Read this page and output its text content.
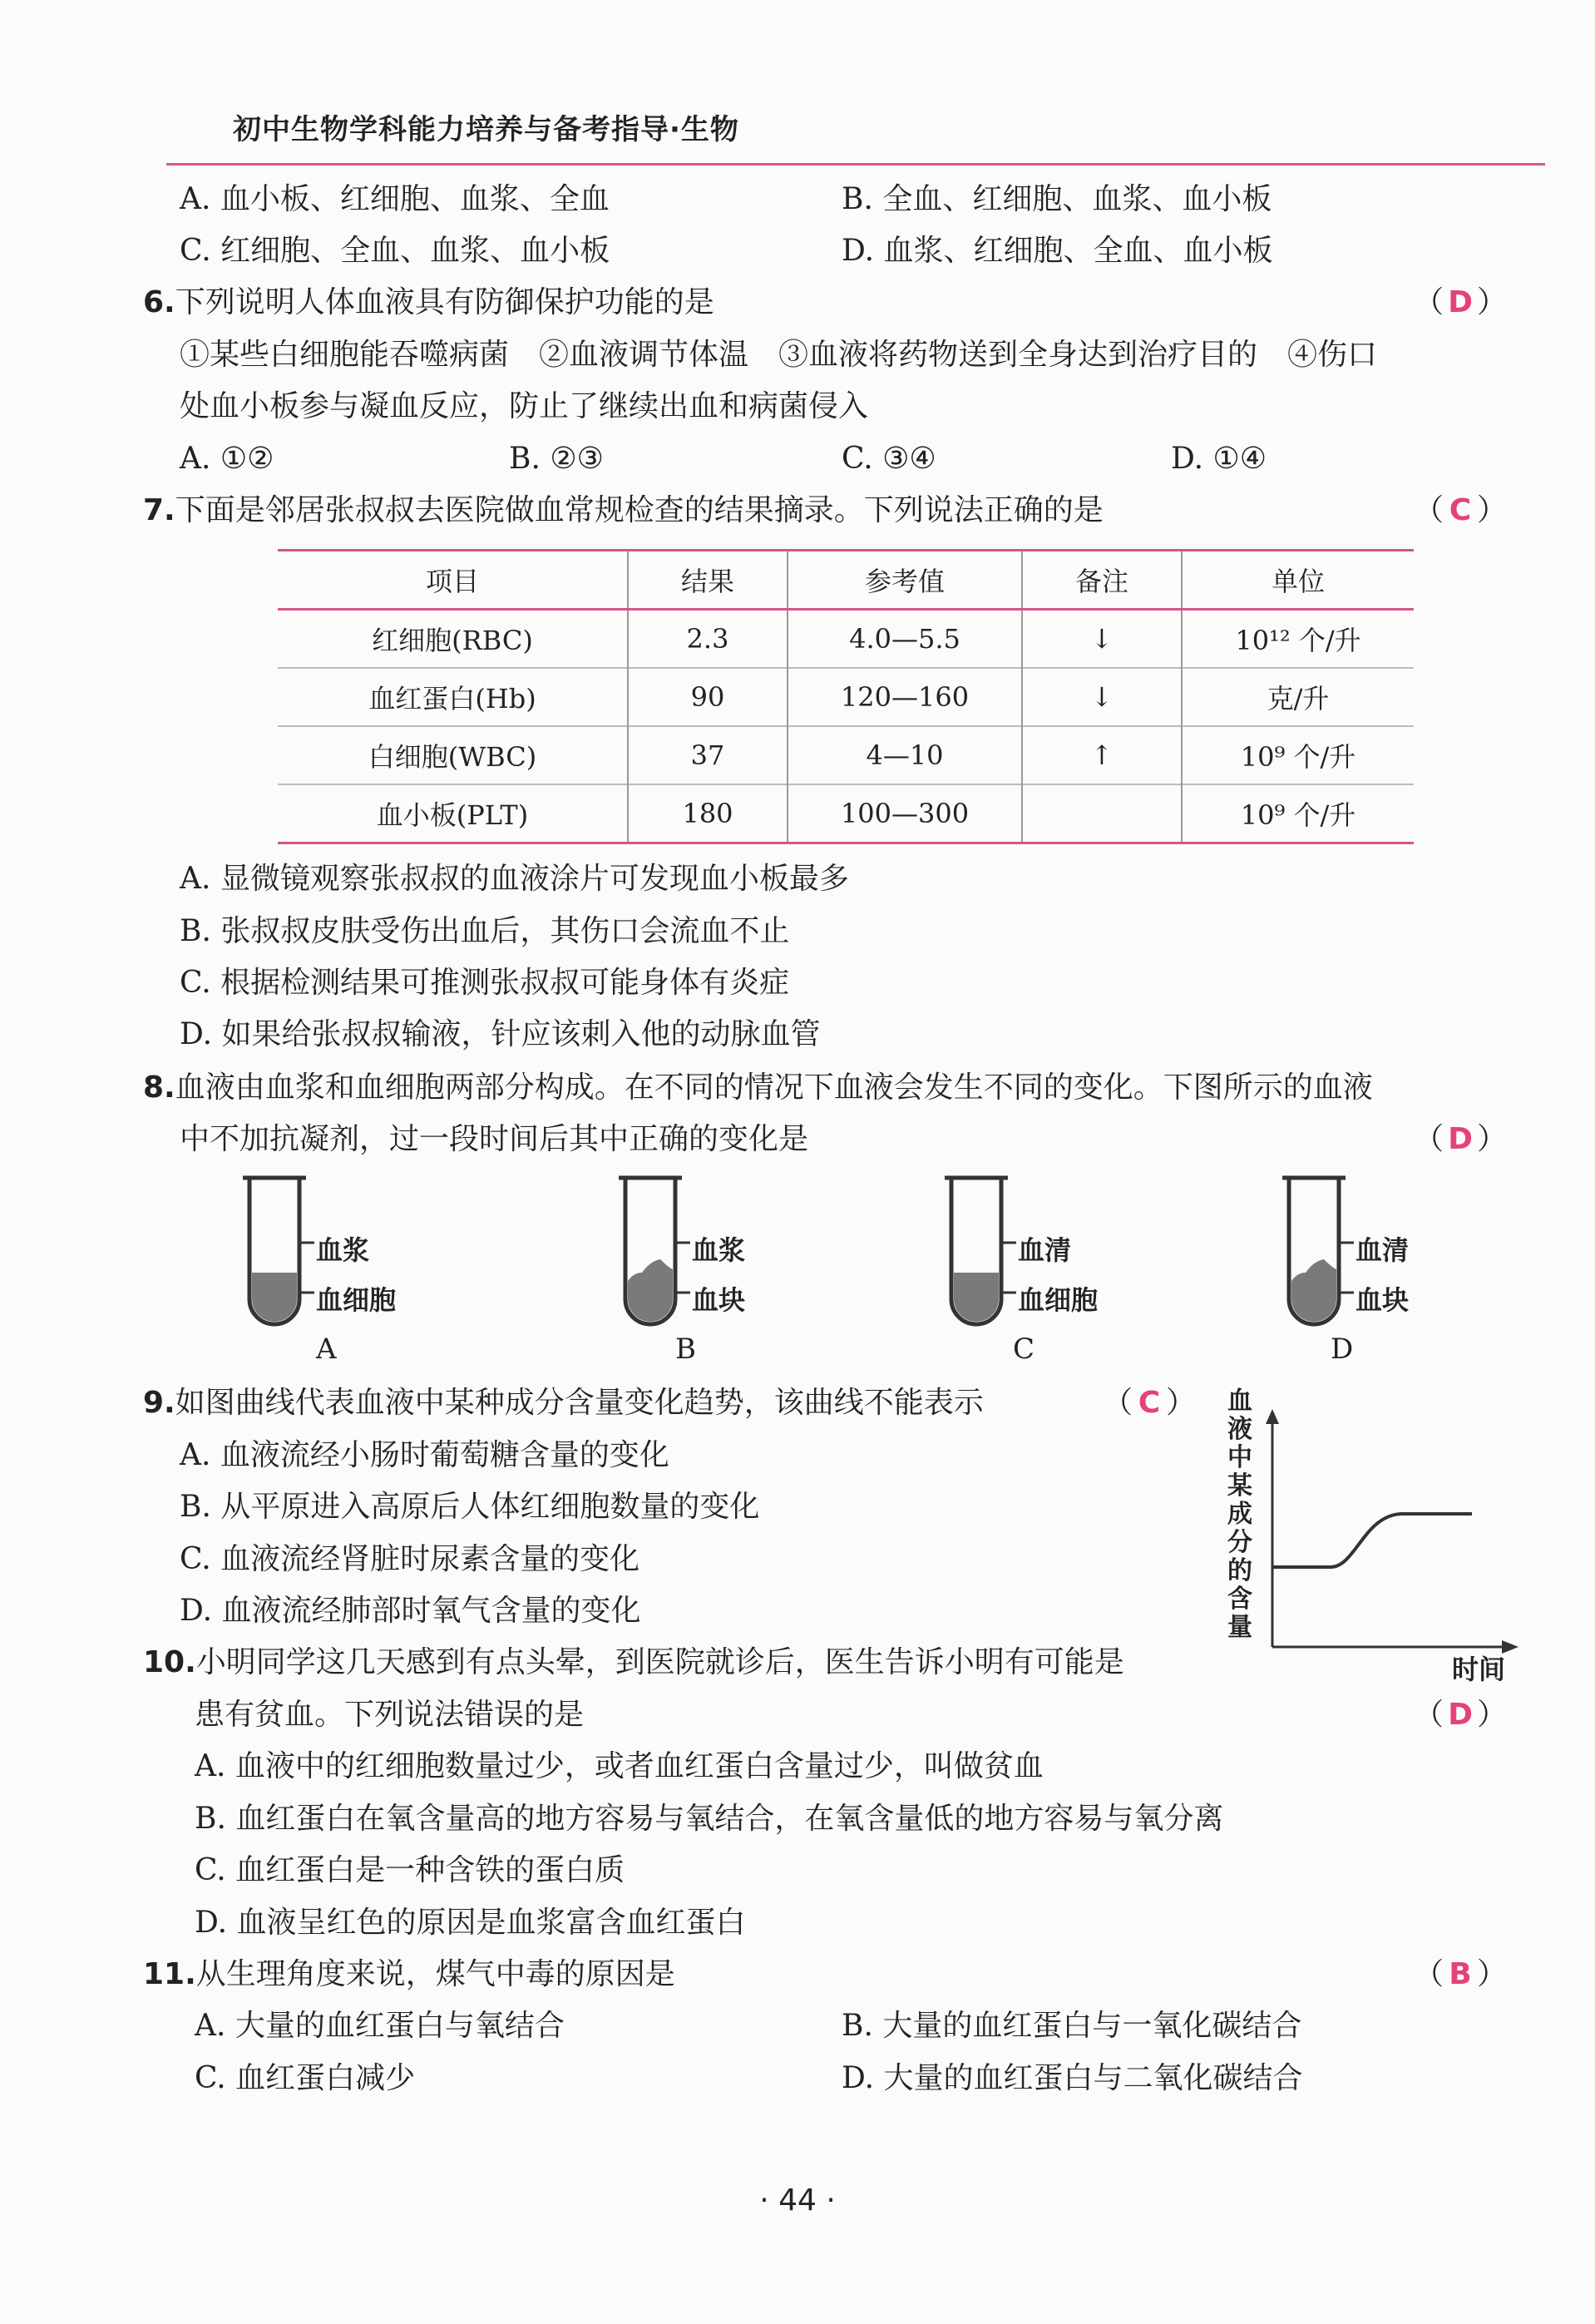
初中生物学科能力培养与备考指导·生物
A. 血小板、红细胞、血浆、全血	B. 全血、红细胞、血浆、血小板
C. 红细胞、全血、血浆、血小板	D. 血浆、红细胞、全血、血小板
6.下列说明人体血液具有防御保护功能的是	（ D ）
①某些白细胞能吞噬病菌　②血液调节体温　③血液将药物送到全身达到治疗目的　④伤口
处血小板参与凝血反应，防止了继续出血和病菌侵入
A. ①②	B. ②③	C. ③④	D. ①④
7.下面是邻居张叔叔去医院做血常规检查的结果摘录。下列说法正确的是	（ C ）
项目	结果	参考值	备注	单位
红细胞(RBC)	2.3	4.0—5.5	↓	10¹² 个/升
血红蛋白(Hb)	90	120—160	↓	克/升
白细胞(WBC)	37	4—10	↑	10⁹ 个/升
血小板(PLT)	180	100—300		10⁹ 个/升
A. 显微镜观察张叔叔的血液涂片可发现血小板最多
B. 张叔叔皮肤受伤出血后，其伤口会流血不止
C. 根据检测结果可推测张叔叔可能身体有炎症
D. 如果给张叔叔输液，针应该刺入他的动脉血管
8.血液由血浆和血细胞两部分构成。在不同的情况下血液会发生不同的变化。下图所示的血液
中不加抗凝剂，过一段时间后其中正确的变化是	（ D ）
血浆
血细胞
A
血浆
血块
B
血清
血细胞
C
血清
血块
D
9.如图曲线代表血液中某种成分含量变化趋势，该曲线不能表示	（ C ）
A. 血液流经小肠时葡萄糖含量的变化
B. 从平原进入高原后人体红细胞数量的变化
C. 血液流经肾脏时尿素含量的变化
D. 血液流经肺部时氧气含量的变化
血液中某成分的含量
时间
10.小明同学这几天感到有点头晕，到医院就诊后，医生告诉小明有可能是
患有贫血。下列说法错误的是	（ D ）
A. 血液中的红细胞数量过少，或者血红蛋白含量过少，叫做贫血
B. 血红蛋白在氧含量高的地方容易与氧结合，在氧含量低的地方容易与氧分离
C. 血红蛋白是一种含铁的蛋白质
D. 血液呈红色的原因是血浆富含血红蛋白
11.从生理角度来说，煤气中毒的原因是	（ B ）
A. 大量的血红蛋白与氧结合	B. 大量的血红蛋白与一氧化碳结合
C. 血红蛋白减少	D. 大量的血红蛋白与二氧化碳结合
· 44 ·
